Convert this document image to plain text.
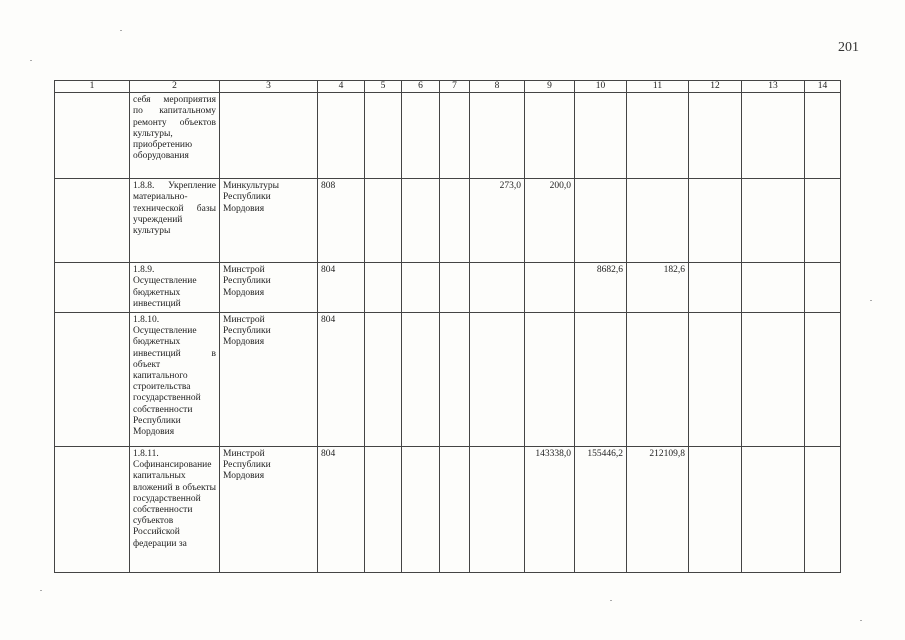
201
1	2	3	4	5	6	7	8	9	10	11	12	13	14
	себя мероприятия по капитальному ремонту объектов культуры, приобретению оборудования												
	1.8.8. Укрепление материально-технической базы учреждений культуры	Минкультуры Республики Мордовия	808				273,0	200,0					
	1.8.9. Осуществление бюджетных инвестиций	Минстрой Республики Мордовия	804						8682,6	182,6			
	1.8.10. Осуществление бюджетных инвестиций в объект капитального строительства государственной собственности Республики Мордовия	Минстрой Республики Мордовия	804										
	1.8.11. Софинансирование капитальных вложений в объекты государственной собственности субъектов Российской федерации за	Минстрой Республики Мордовия	804					143338,0	155446,2	212109,8			
